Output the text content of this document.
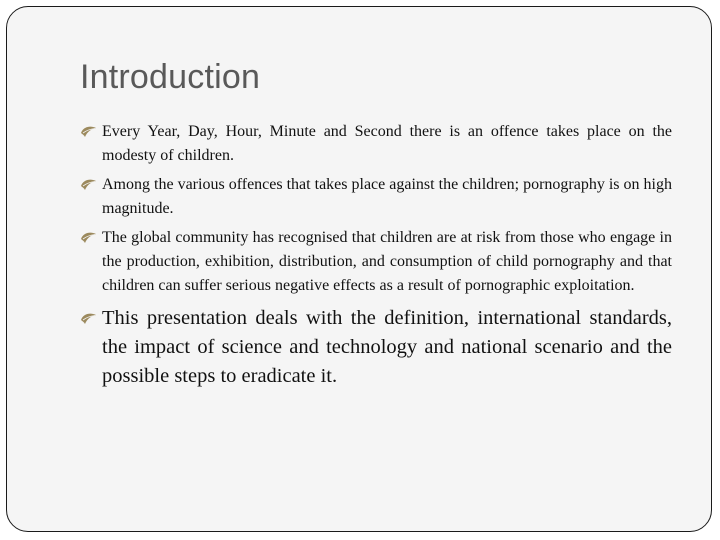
Introduction
Every Year, Day, Hour, Minute and Second there is an offence takes place on the modesty of children.
Among the various offences that takes place against the children; pornography is on high magnitude.
The global community has recognised that children are at risk from those who engage in the production, exhibition, distribution, and consumption of child pornography and that children can suffer serious negative effects as a result of pornographic exploitation.
This presentation deals with the definition, international standards, the impact of science and technology and national scenario and the possible steps to eradicate it.
